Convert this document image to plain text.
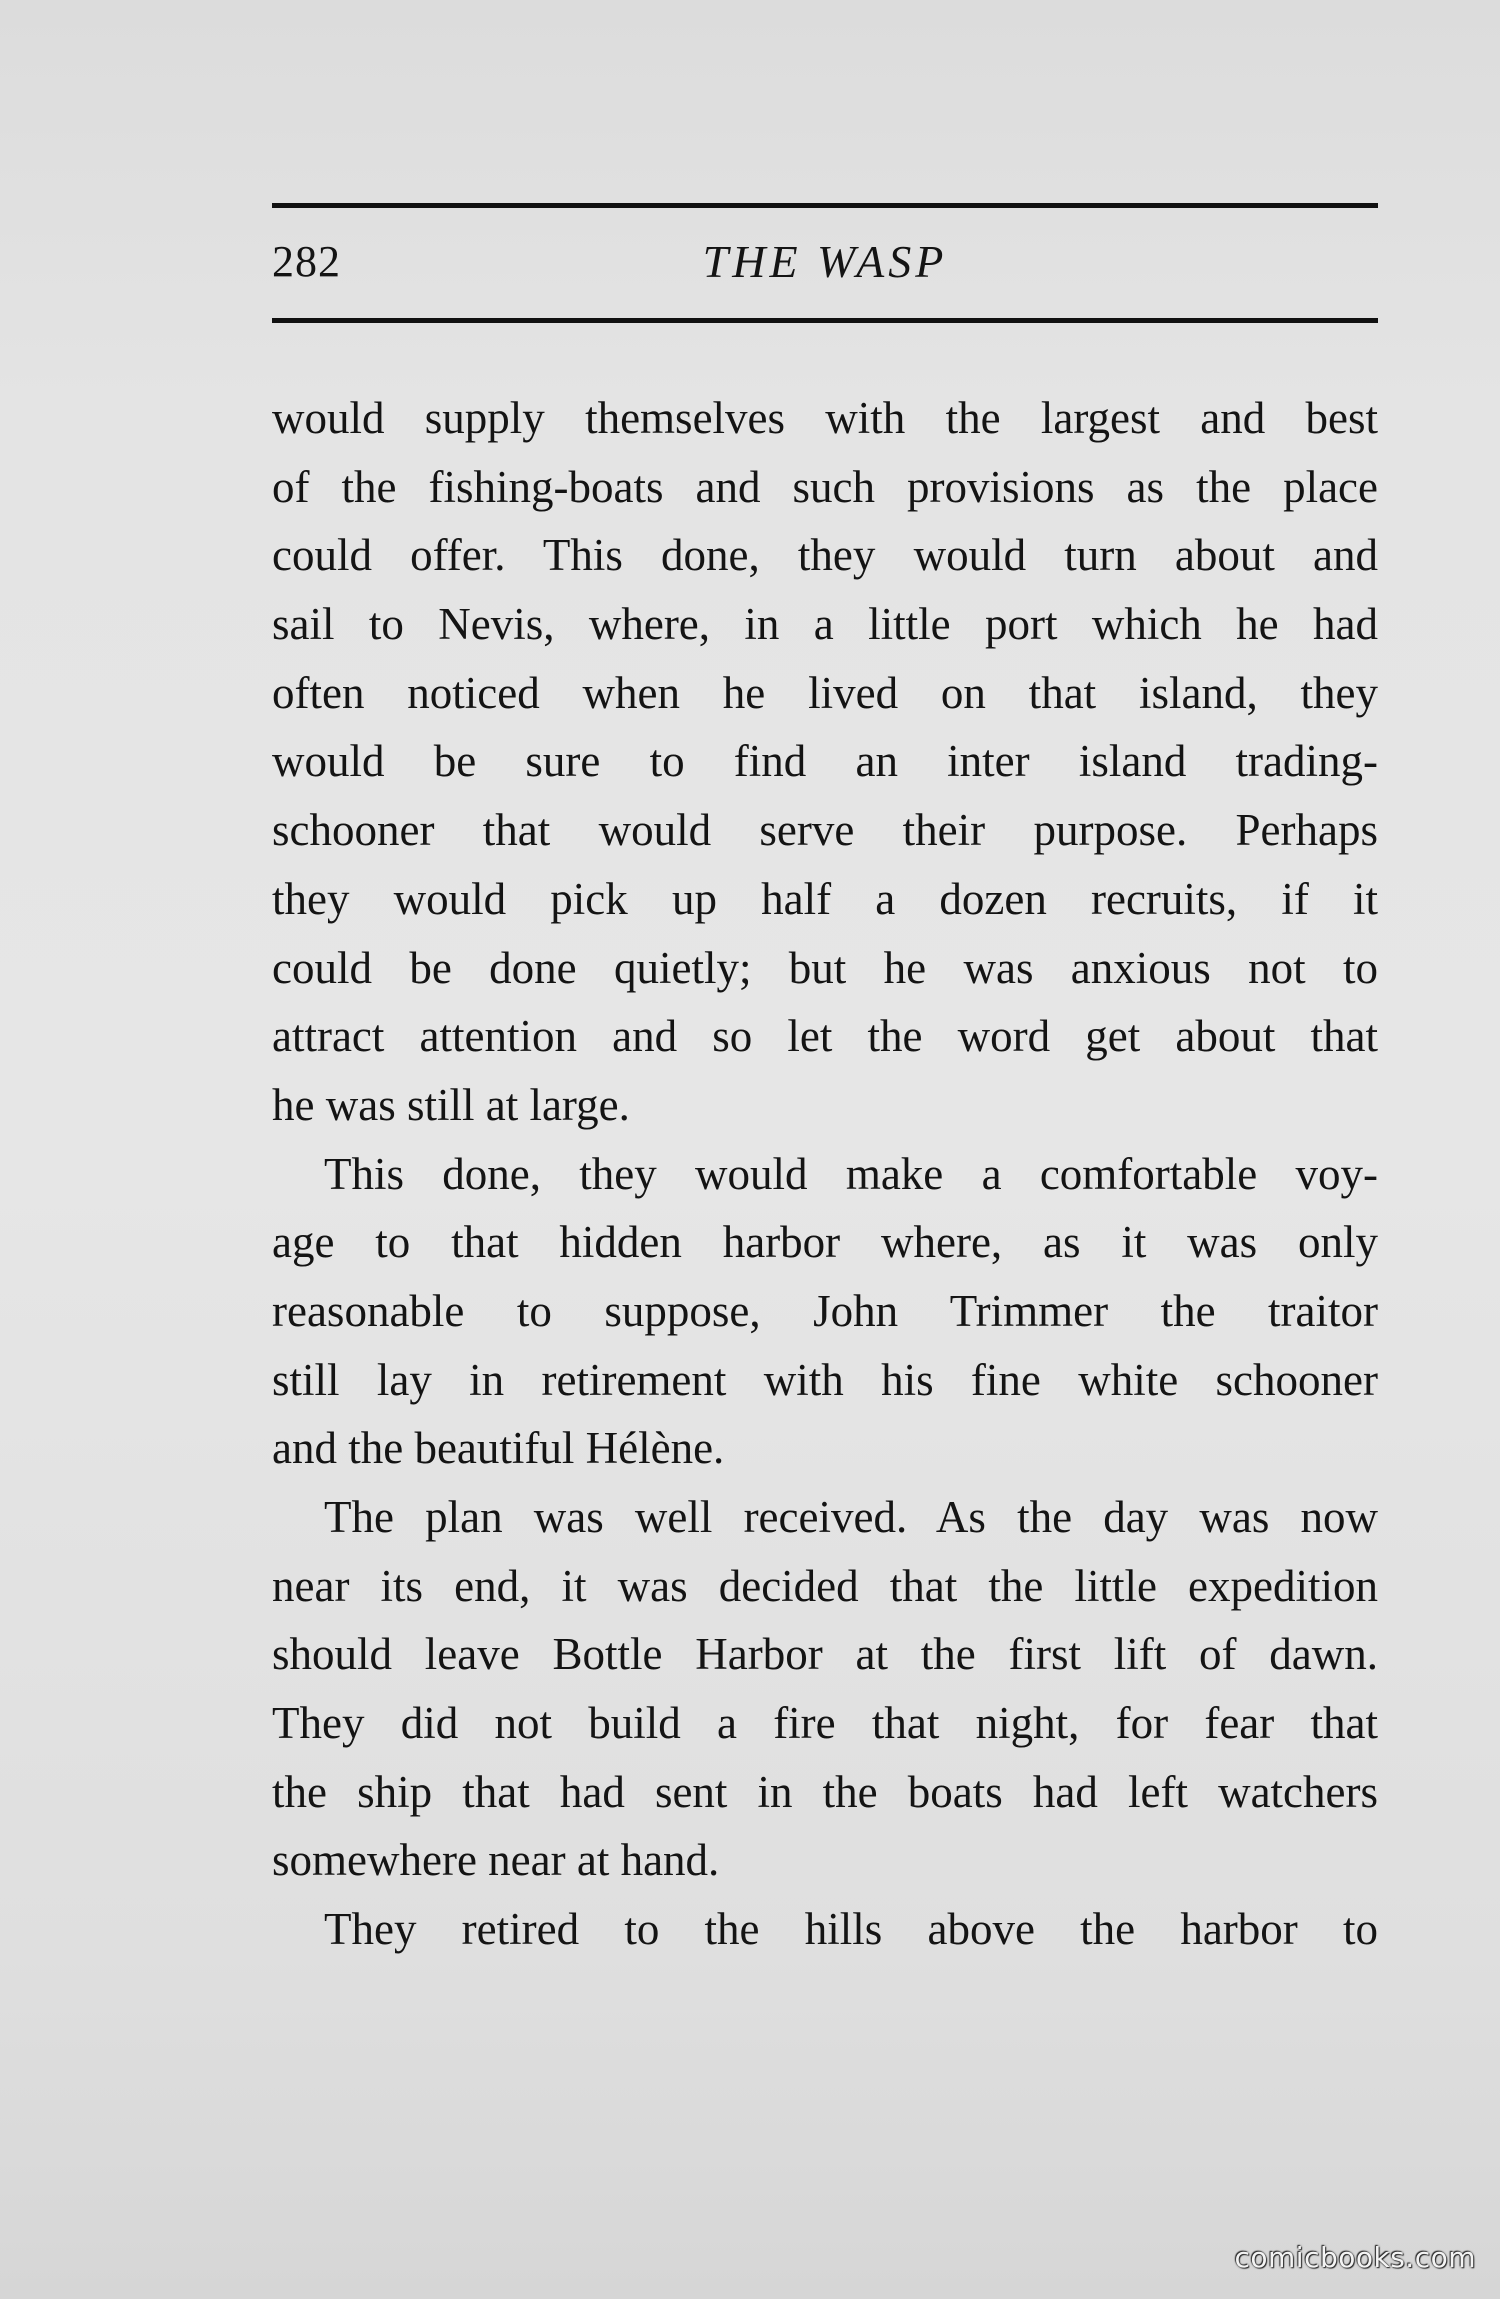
282	THE WASP
would supply themselves with the largest and best
of the fishing-boats and such provisions as the place
could offer. This done, they would turn about and
sail to Nevis, where, in a little port which he had
often noticed when he lived on that island, they
would be sure to find an inter island trading-
schooner that would serve their purpose. Perhaps
they would pick up half a dozen recruits, if it
could be done quietly; but he was anxious not to
attract attention and so let the word get about that
he was still at large.
This done, they would make a comfortable voy-
age to that hidden harbor where, as it was only
reasonable to suppose, John Trimmer the traitor
still lay in retirement with his fine white schooner
and the beautiful Hélène.
The plan was well received. As the day was now
near its end, it was decided that the little expedition
should leave Bottle Harbor at the first lift of dawn.
They did not build a fire that night, for fear that
the ship that had sent in the boats had left watchers
somewhere near at hand.
They retired to the hills above the harbor to
comicbooks.com
